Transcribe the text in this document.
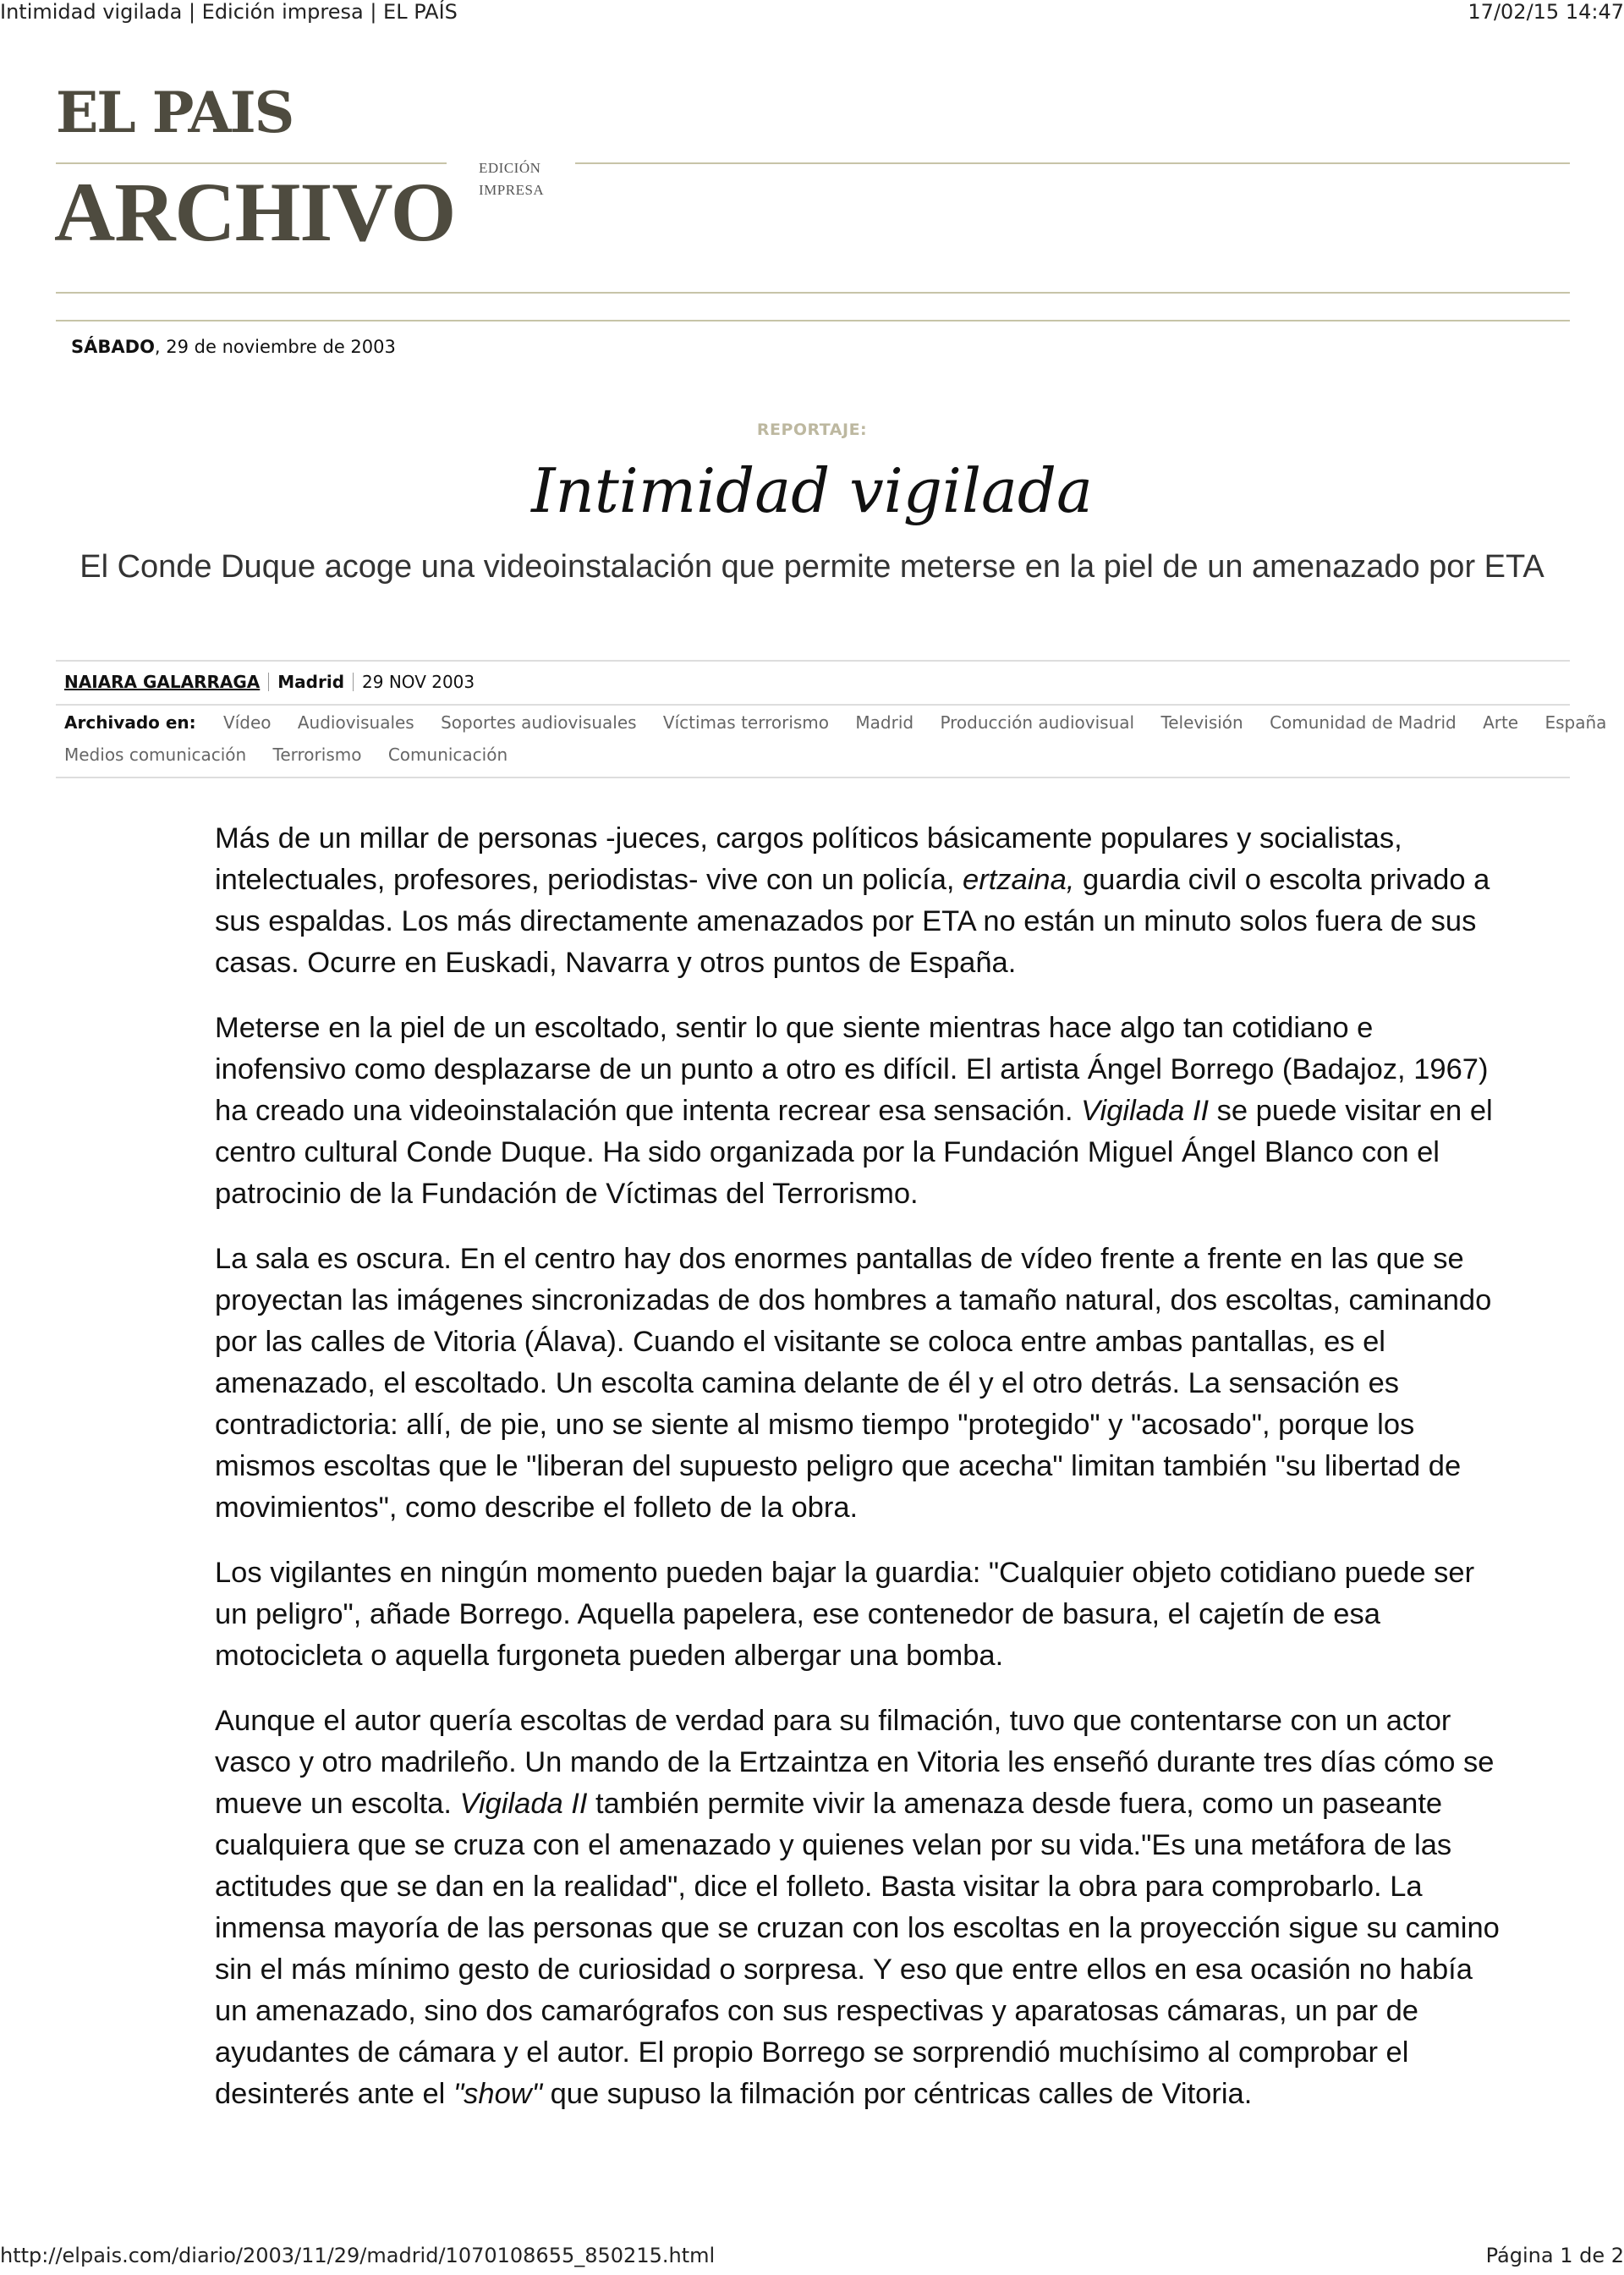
Intimidad vigilada | Edición impresa | EL PAÍS	17/02/15 14:47
EL PAIS
ARCHIVO EDICIÓN
IMPRESA
SÁBADO, 29 de noviembre de 2003
REPORTAJE:
Intimidad vigilada
El Conde Duque acoge una videoinstalación que permite meterse en la piel de un amenazado por ETA
NAIARA GALARRAGA Madrid 29 NOV 2003
Archivado en: Vídeo Audiovisuales Soportes audiovisuales Víctimas terrorismo Madrid Producción audiovisual Televisión Comunidad de Madrid Arte España
Medios comunicación Terrorismo Comunicación

Más de un millar de personas -jueces, cargos políticos básicamente populares y socialistas, intelectuales, profesores, periodistas- vive con un policía, ertzaina, guardia civil o escolta privado a sus espaldas. Los más directamente amenazados por ETA no están un minuto solos fuera de sus casas. Ocurre en Euskadi, Navarra y otros puntos de España.

Meterse en la piel de un escoltado, sentir lo que siente mientras hace algo tan cotidiano e inofensivo como desplazarse de un punto a otro es difícil. El artista Ángel Borrego (Badajoz, 1967) ha creado una videoinstalación que intenta recrear esa sensación. Vigilada II se puede visitar en el centro cultural Conde Duque. Ha sido organizada por la Fundación Miguel Ángel Blanco con el patrocinio de la Fundación de Víctimas del Terrorismo.

La sala es oscura. En el centro hay dos enormes pantallas de vídeo frente a frente en las que se proyectan las imágenes sincronizadas de dos hombres a tamaño natural, dos escoltas, caminando por las calles de Vitoria (Álava). Cuando el visitante se coloca entre ambas pantallas, es el amenazado, el escoltado. Un escolta camina delante de él y el otro detrás. La sensación es contradictoria: allí, de pie, uno se siente al mismo tiempo "protegido" y "acosado", porque los mismos escoltas que le "liberan del supuesto peligro que acecha" limitan también "su libertad de movimientos", como describe el folleto de la obra.

Los vigilantes en ningún momento pueden bajar la guardia: "Cualquier objeto cotidiano puede ser un peligro", añade Borrego. Aquella papelera, ese contenedor de basura, el cajetín de esa motocicleta o aquella furgoneta pueden albergar una bomba.

Aunque el autor quería escoltas de verdad para su filmación, tuvo que contentarse con un actor vasco y otro madrileño. Un mando de la Ertzaintza en Vitoria les enseñó durante tres días cómo se mueve un escolta. Vigilada II también permite vivir la amenaza desde fuera, como un paseante cualquiera que se cruza con el amenazado y quienes velan por su vida."Es una metáfora de las actitudes que se dan en la realidad", dice el folleto. Basta visitar la obra para comprobarlo. La inmensa mayoría de las personas que se cruzan con los escoltas en la proyección sigue su camino sin el más mínimo gesto de curiosidad o sorpresa. Y eso que entre ellos en esa ocasión no había un amenazado, sino dos camarógrafos con sus respectivas y aparatosas cámaras, un par de ayudantes de cámara y el autor. El propio Borrego se sorprendió muchísimo al comprobar el desinterés ante el "show" que supuso la filmación por céntricas calles de Vitoria.

http://elpais.com/diario/2003/11/29/madrid/1070108655_850215.html	Página 1 de 2
